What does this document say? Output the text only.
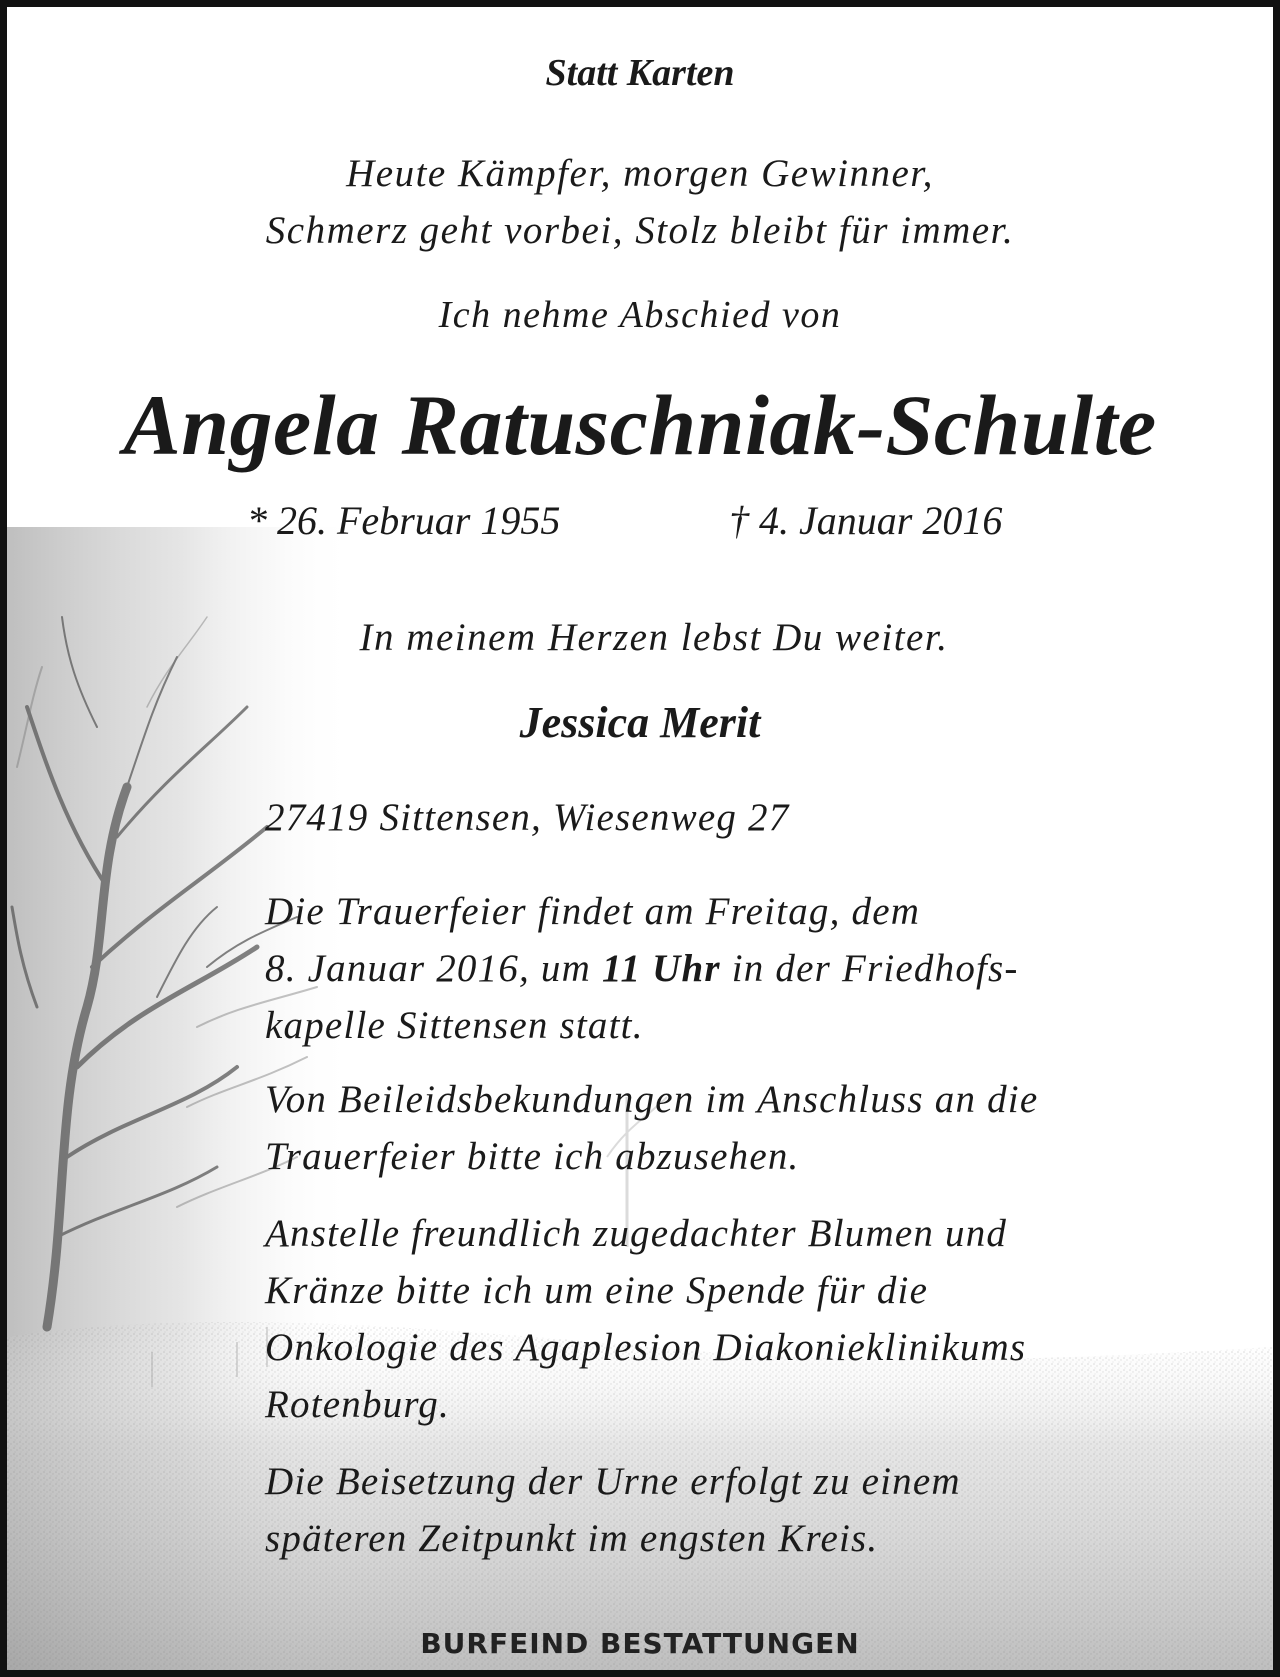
Statt Karten
Heute Kämpfer, morgen Gewinner,
Schmerz geht vorbei, Stolz bleibt für immer.
Ich nehme Abschied von
Angela Ratuschniak-Schulte
* 26. Februar 1955	† 4. Januar 2016
In meinem Herzen lebst Du weiter.
Jessica Merit
27419 Sittensen, Wiesenweg 27
Die Trauerfeier findet am Freitag, dem
8. Januar 2016, um 11 Uhr in der Friedhofs-
kapelle Sittensen statt.
Von Beileidsbekundungen im Anschluss an die
Trauerfeier bitte ich abzusehen.
Anstelle freundlich zugedachter Blumen und
Kränze bitte ich um eine Spende für die
Onkologie des Agaplesion Diakonieklinikums
Rotenburg.
Die Beisetzung der Urne erfolgt zu einem
späteren Zeitpunkt im engsten Kreis.
BURFEIND BESTATTUNGEN
